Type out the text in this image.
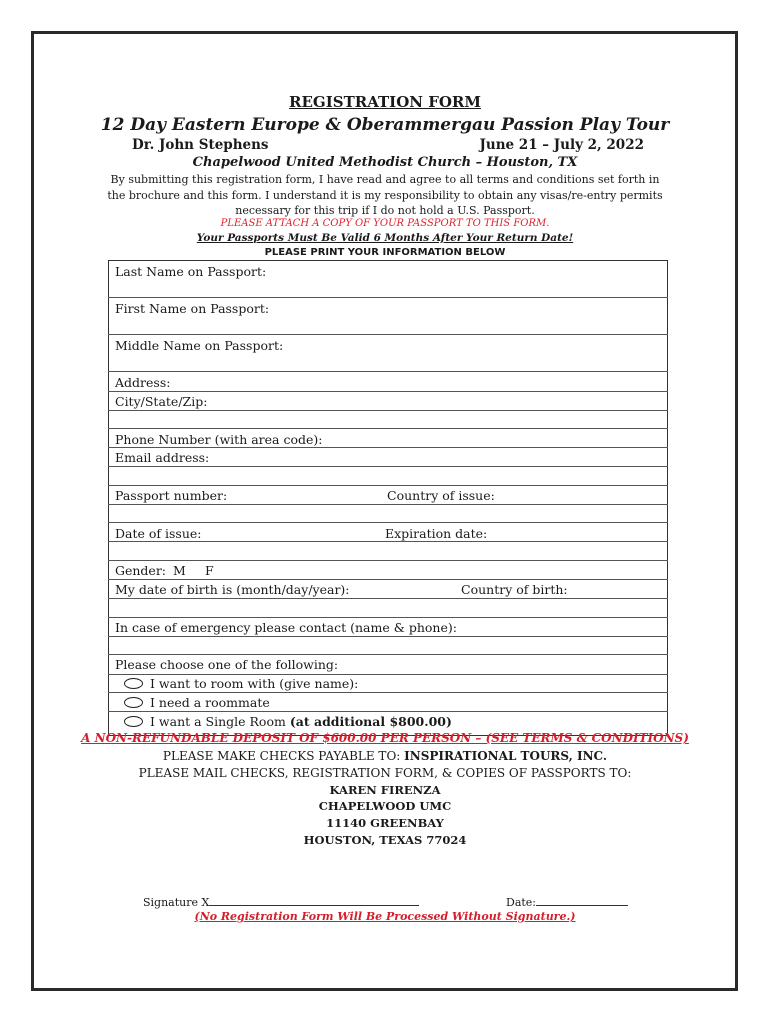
REGISTRATION FORM
12 Day Eastern Europe & Oberammergau Passion Play Tour
Dr. John Stephens	June 21 – July 2, 2022
Chapelwood United Methodist Church – Houston, TX
By submitting this registration form, I have read and agree to all terms and conditions set forth in the brochure and this form. I understand it is my responsibility to obtain any visas/re-entry permits necessary for this trip if I do not hold a U.S. Passport.
PLEASE ATTACH A COPY OF YOUR PASSPORT TO THIS FORM.
Your Passports Must Be Valid 6 Months After Your Return Date!
PLEASE PRINT YOUR INFORMATION BELOW
Last Name on Passport:
First Name on Passport:
Middle Name on Passport:
Address:
City/State/Zip:
Phone Number (with area code):
Email address:
Passport number:	Country of issue:
Date of issue:	Expiration date:
Gender: M F
My date of birth is (month/day/year):	Country of birth:
In case of emergency please contact (name & phone):
Please choose one of the following:
I want to room with (give name):
I need a roommate
I want a Single Room (at additional $800.00)
A NON-REFUNDABLE DEPOSIT OF $600.00 PER PERSON – (SEE TERMS & CONDITIONS)
PLEASE MAKE CHECKS PAYABLE TO: INSPIRATIONAL TOURS, INC.
PLEASE MAIL CHECKS, REGISTRATION FORM, & COPIES OF PASSPORTS TO:
KAREN FIRENZA
CHAPELWOOD UMC
11140 GREENBAY
HOUSTON, TEXAS 77024
Signature X	Date:
(No Registration Form Will Be Processed Without Signature.)
